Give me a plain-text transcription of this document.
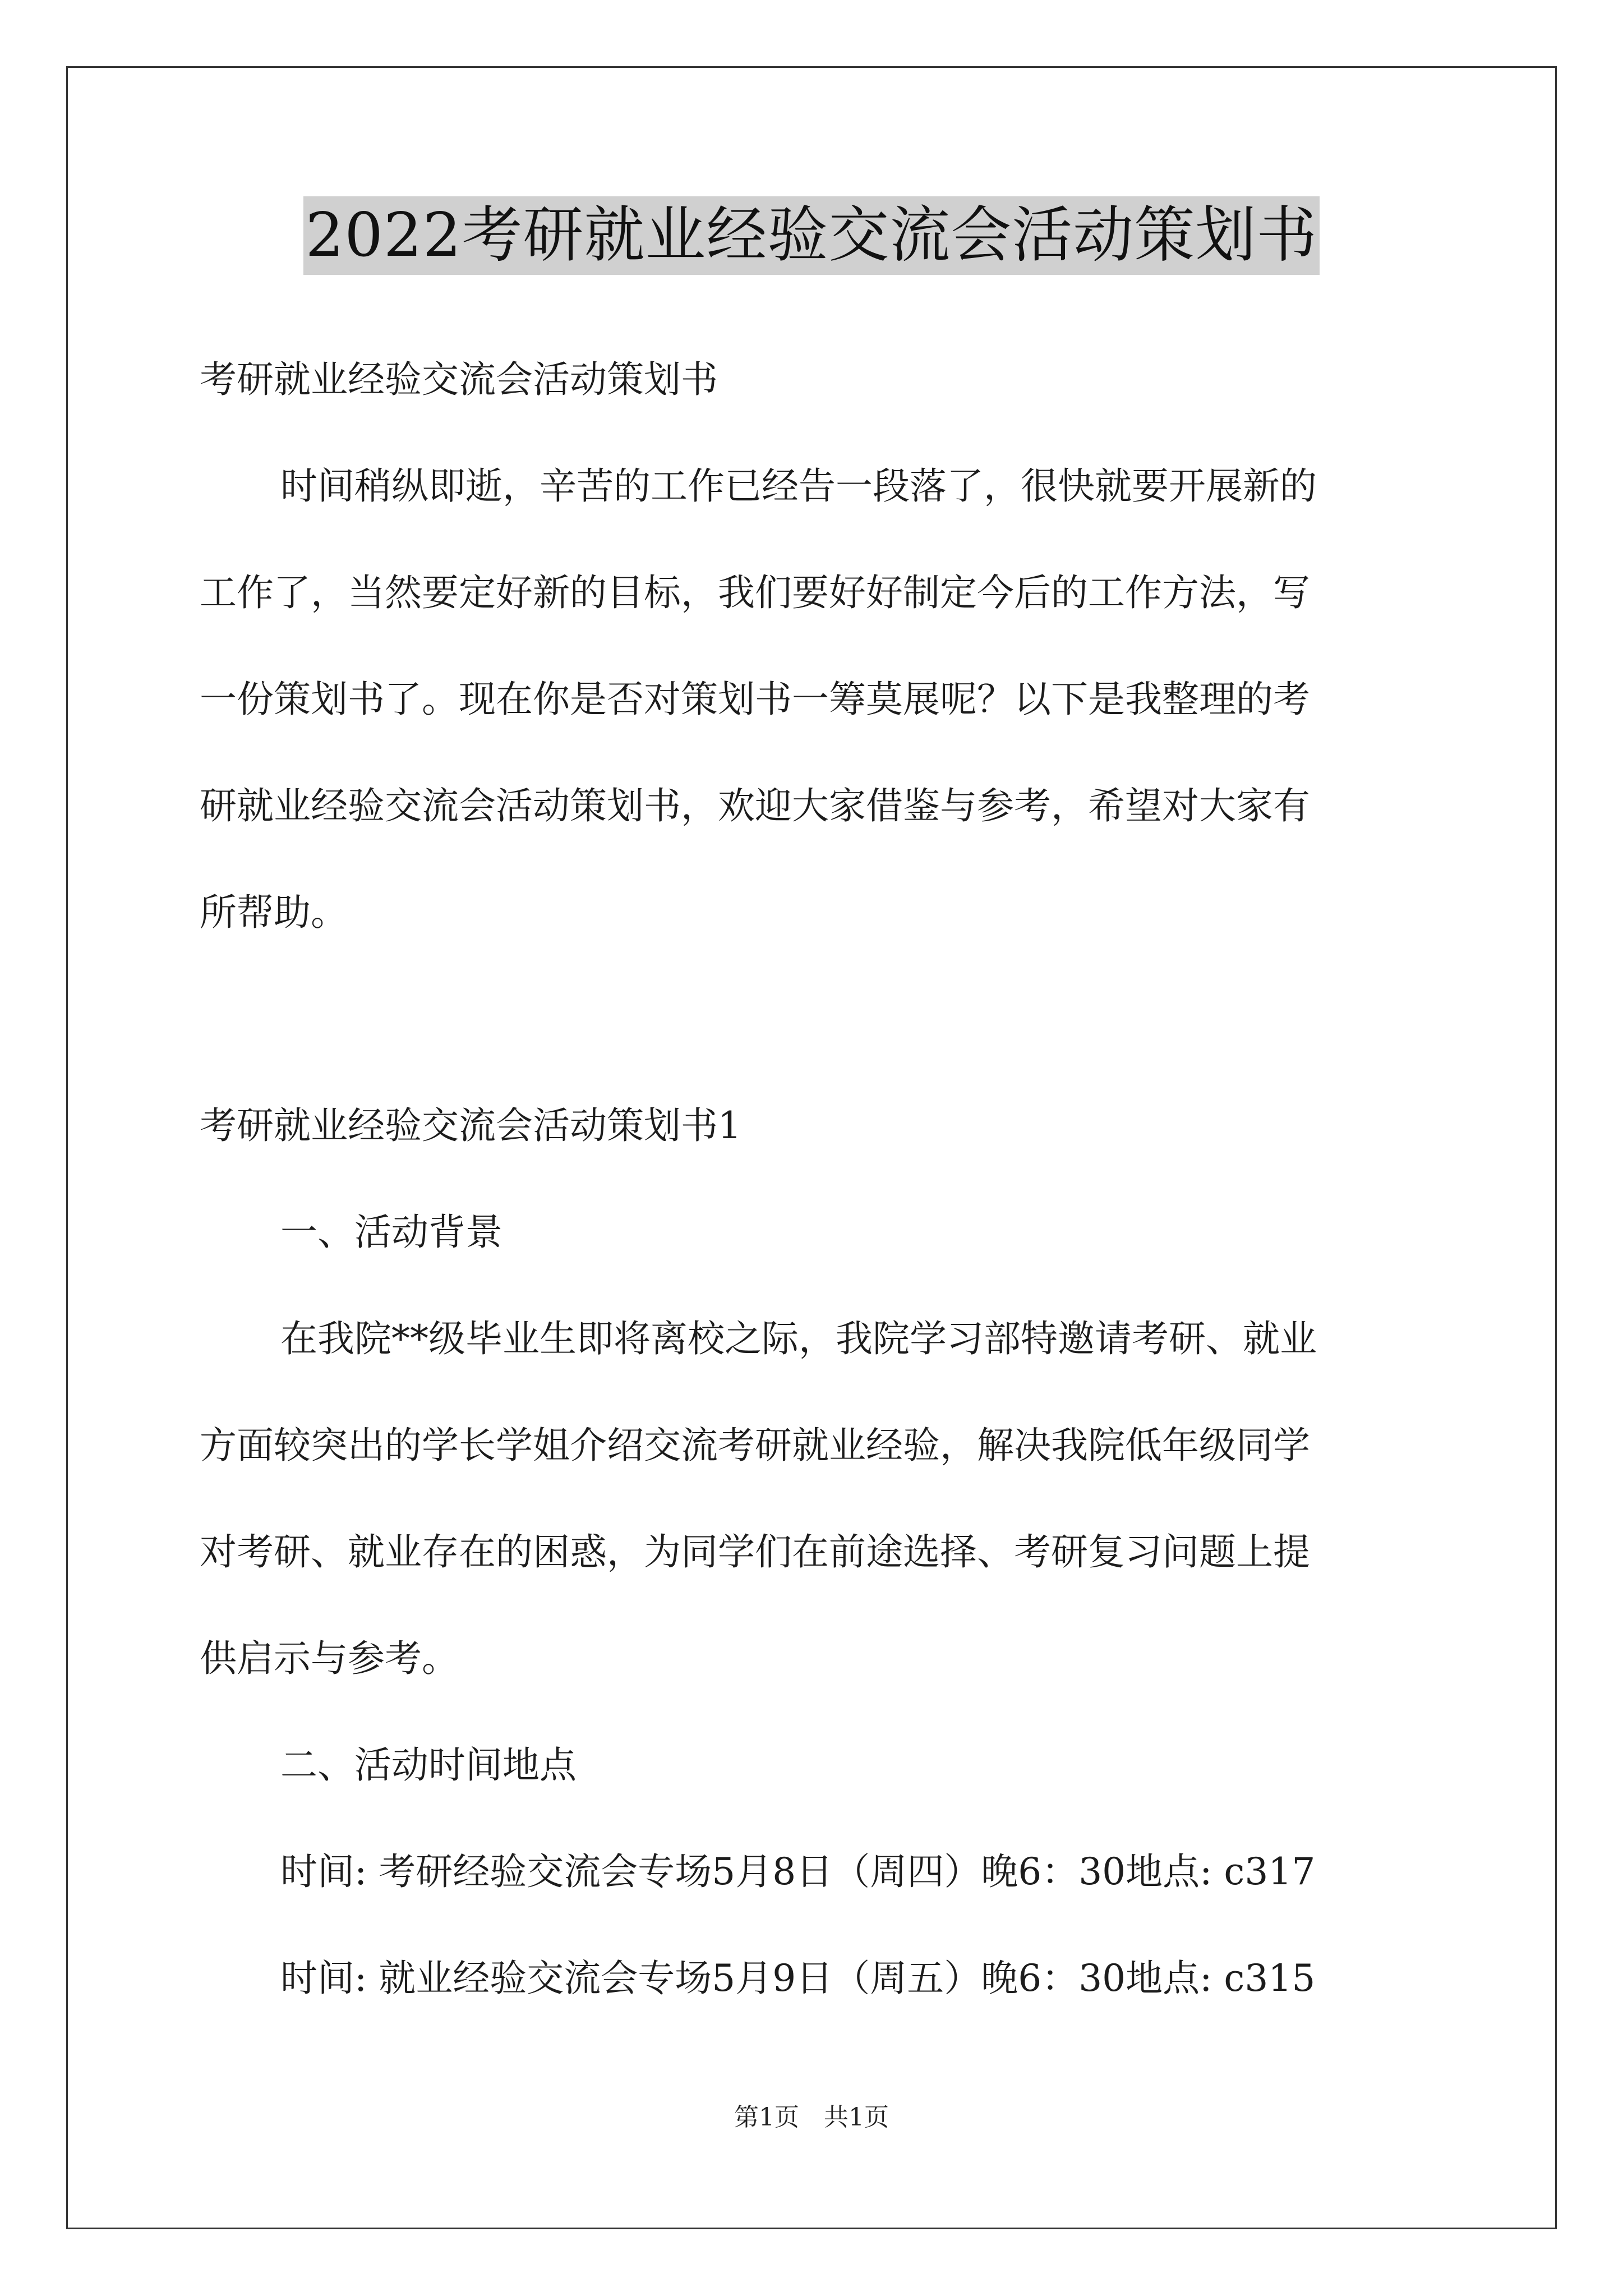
2022考研就业经验交流会活动策划书
考研就业经验交流会活动策划书
时间稍纵即逝，辛苦的工作已经告一段落了，很快就要开展新的
工作了，当然要定好新的目标，我们要好好制定今后的工作方法，写
一份策划书了。现在你是否对策划书一筹莫展呢？以下是我整理的考
研就业经验交流会活动策划书，欢迎大家借鉴与参考，希望对大家有
所帮助。
考研就业经验交流会活动策划书1
一、活动背景
在我院**级毕业生即将离校之际，我院学习部特邀请考研、就业
方面较突出的学长学姐介绍交流考研就业经验，解决我院低年级同学
对考研、就业存在的困惑，为同学们在前途选择、考研复习问题上提
供启示与参考。
二、活动时间地点
时间: 考研经验交流会专场5月8日（周四）晚6：30地点: c317
时间: 就业经验交流会专场5月9日（周五）晚6：30地点: c315
第1页　共1页
